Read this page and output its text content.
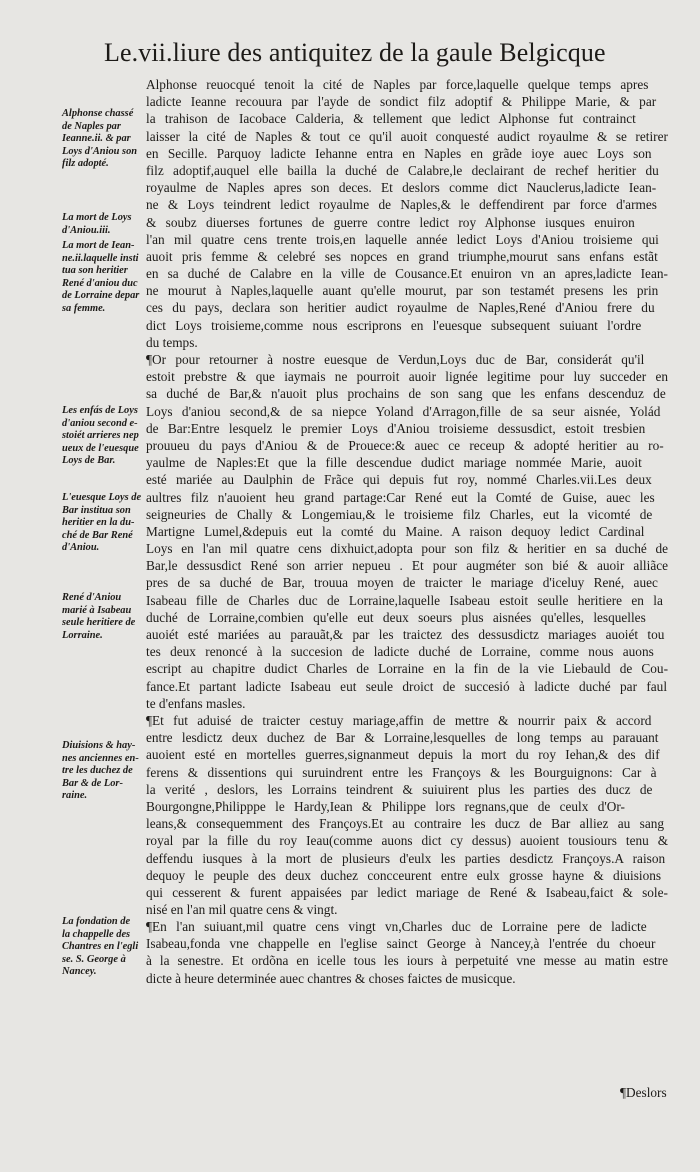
Le.vii.liure des antiquitez de la gaule Belgicque
Alphonse chassé
de Naples par
Ieanne.ii. & par
Loys d'Aniou son
filz adopté.
La mort de Loys
d'Aniou.iii.
La mort de Iean-
ne.ii.laquelle insti
tua son heritier
René d'aniou duc
de Lorraine depar
sa femme.
Les enfás de Loys
d'aniou second e-
stoiét arrieres nep
ueux de l'euesque
Loys de Bar.
L'euesque Loys de
Bar institua son
heritier en la du-
ché de Bar René
d'Aniou.
René d'Aniou
marié à Isabeau
seule heritiere de
Lorraine.
Diuisions & hay-
nes anciennes en-
tre les duchez de
Bar & de Lor-
raine.
La fondation de
la chappelle des
Chantres en l'egli
se. S. George à
Nancey.
Alphonse reuocqué tenoit la cité de Naples par force,laquelle quelque temps apres
ladicte Ieanne recouura par l'ayde de sondict filz adoptif & Philippe Marie, & par
la trahison de Iacobace Calderia, & tellement que ledict Alphonse fut contrainct
laisser la cité de Naples & tout ce qu'il auoit conquesté audict royaulme & se retirer
en Secille. Parquoy ladicte Iehanne entra en Naples en grãde ioye auec Loys son
filz adoptif,auquel elle bailla la duché de Calabre,le declairant de rechef heritier du
royaulme de Naples apres son deces. Et deslors comme dict Nauclerus,ladicte Iean-
ne & Loys teindrent ledict royaulme de Naples,& le deffendirent par force d'armes
& soubz diuerses fortunes de guerre contre ledict roy Alphonse iusques enuiron
l'an mil quatre cens trente trois,en laquelle année ledict Loys d'Aniou troisieme qui
auoit pris femme & celebré ses nopces en grand triumphe,mourut sans enfans estãt
en sa duché de Calabre en la ville de Cousance.Et enuiron vn an apres,ladicte Iean-
ne mourut à Naples,laquelle auant qu'elle mourut, par son testamét presens les prin
ces du pays, declara son heritier audict royaulme de Naples,René d'Aniou frere du
dict Loys troisieme,comme nous escriprons en l'euesque subsequent suiuant l'ordre
du temps.
¶Or pour retourner à nostre euesque de Verdun,Loys duc de Bar, considerát qu'il
estoit prebstre & que iaymais ne pourroit auoir lignée legitime pour luy succeder en
sa duché de Bar,& n'auoit plus prochains de son sang que les enfans descenduz de
Loys d'aniou second,& de sa niepce Yoland d'Arragon,fille de sa seur aisnée, Yolád
de Bar:Entre lesquelz le premier Loys d'Aniou troisieme dessusdict, estoit tresbien
prouueu du pays d'Aniou & de Prouece:& auec ce receup & adopté heritier au ro-
yaulme de Naples:Et que la fille descendue dudict mariage nommée Marie, auoit
esté mariée au Daulphin de Frãce qui depuis fut roy, nommé Charles.vii.Les deux
aultres filz n'auoient heu grand partage:Car René eut la Comté de Guise, auec les
seigneuries de Chally & Longemiau,& le troisieme filz Charles, eut la vicomté de
Martigne Lumel,&depuis eut la comté du Maine. A raison dequoy ledict Cardinal
Loys en l'an mil quatre cens dixhuict,adopta pour son filz & heritier en sa duché de
Bar,le dessusdict René son arrier nepueu . Et pour augméter son bié & auoir alliãce
pres de sa duché de Bar, trouua moyen de traicter le mariage d'iceluy René, auec
Isabeau fille de Charles duc de Lorraine,laquelle Isabeau estoit seulle heritiere en la
duché de Lorraine,combien qu'elle eut deux soeurs plus aisnées qu'elles, lesquelles
auoiét esté mariées au parauãt,& par les traictez des dessusdictz mariages auoiét tou
tes deux renoncé à la succesion de ladicte duché de Lorraine, comme nous auons
escript au chapitre dudict Charles de Lorraine en la fin de la vie Liebauld de Cou-
fance.Et partant ladicte Isabeau eut seule droict de succesió à ladicte duché par faul
te d'enfans masles.
¶Et fut aduisé de traicter cestuy mariage,affin de mettre & nourrir paix & accord
entre lesdictz deux duchez de Bar & Lorraine,lesquelles de long temps au parauant
auoient esté en mortelles guerres,signanmeut depuis la mort du roy Iehan,& des dif
ferens & dissentions qui suruindrent entre les Françoys & les Bourguignons: Car à
la verité , deslors, les Lorrains teindrent & suiuirent plus les parties des ducz de
Bourgongne,Philipppe le Hardy,Iean & Philippe lors regnans,que de ceulx d'Or-
leans,& consequemment des Françoys.Et au contraire les ducz de Bar alliez au sang
royal par la fille du roy Ieau(comme auons dict cy dessus) auoient tousiours tenu &
deffendu iusques à la mort de plusieurs d'eulx les parties desdictz Françoys.A raison
dequoy le peuple des deux duchez concceurent entre eulx grosse hayne & diuisions
qui cesserent & furent appaisées par ledict mariage de René & Isabeau,faict & sole-
nisé en l'an mil quatre cens & vingt.
¶En l'an suiuant,mil quatre cens vingt vn,Charles duc de Lorraine pere de ladicte
Isabeau,fonda vne chappelle en l'eglise sainct George à Nancey,à l'entrée du choeur
à la senestre. Et ordõna en icelle tous les iours à perpetuité vne messe au matin estre
dicte à heure determinée auec chantres & choses faictes de musicque.
¶Deslors
